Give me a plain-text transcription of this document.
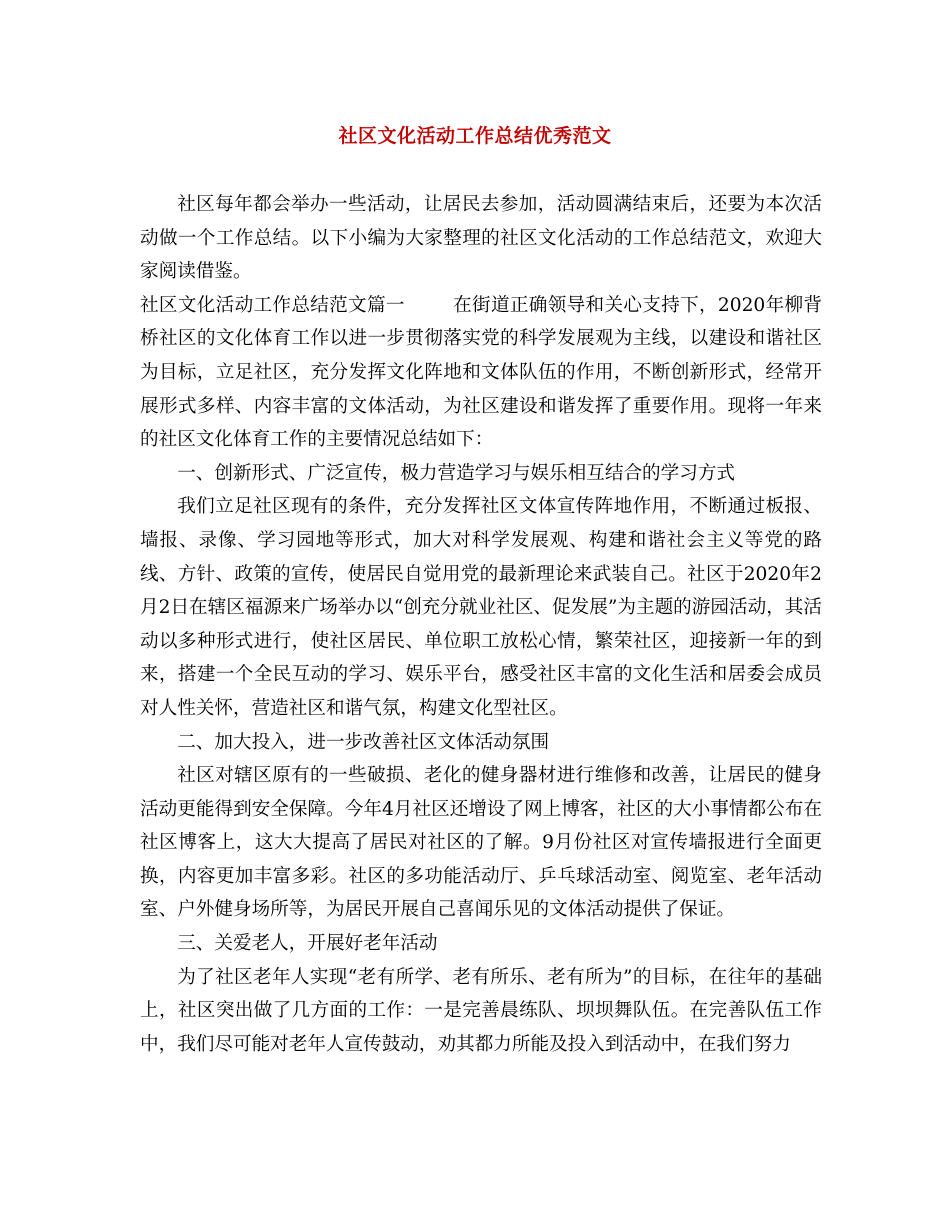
社区文化活动工作总结优秀范文

社区每年都会举办一些活动，让居民去参加，活动圆满结束后，还要为本次活动做一个工作总结。以下小编为大家整理的社区文化活动的工作总结范文，欢迎大家阅读借鉴。

社区文化活动工作总结范文篇一	在街道正确领导和关心支持下，2020年柳背桥社区的文化体育工作以进一步贯彻落实党的科学发展观为主线，以建设和谐社区为目标，立足社区，充分发挥文化阵地和文体队伍的作用，不断创新形式，经常开展形式多样、内容丰富的文体活动，为社区建设和谐发挥了重要作用。现将一年来的社区文化体育工作的主要情况总结如下：

一、创新形式、广泛宣传，极力营造学习与娱乐相互结合的学习方式

我们立足社区现有的条件，充分发挥社区文体宣传阵地作用，不断通过板报、墙报、录像、学习园地等形式，加大对科学发展观、构建和谐社会主义等党的路线、方针、政策的宣传，使居民自觉用党的最新理论来武装自己。社区于2020年2月2日在辖区福源来广场举办以“创充分就业社区、促发展”为主题的游园活动，其活动以多种形式进行，使社区居民、单位职工放松心情，繁荣社区，迎接新一年的到来，搭建一个全民互动的学习、娱乐平台，感受社区丰富的文化生活和居委会成员对人性关怀，营造社区和谐气氛，构建文化型社区。

二、加大投入，进一步改善社区文体活动氛围

社区对辖区原有的一些破损、老化的健身器材进行维修和改善，让居民的健身活动更能得到安全保障。今年4月社区还增设了网上博客，社区的大小事情都公布在社区博客上，这大大提高了居民对社区的了解。9月份社区对宣传墙报进行全面更换，内容更加丰富多彩。社区的多功能活动厅、乒乓球活动室、阅览室、老年活动室、户外健身场所等，为居民开展自己喜闻乐见的文体活动提供了保证。

三、关爱老人，开展好老年活动

为了社区老年人实现“老有所学、老有所乐、老有所为”的目标，在往年的基础上，社区突出做了几方面的工作：一是完善晨练队、坝坝舞队伍。在完善队伍工作中，我们尽可能对老年人宣传鼓动，劝其都力所能及投入到活动中，在我们努力
